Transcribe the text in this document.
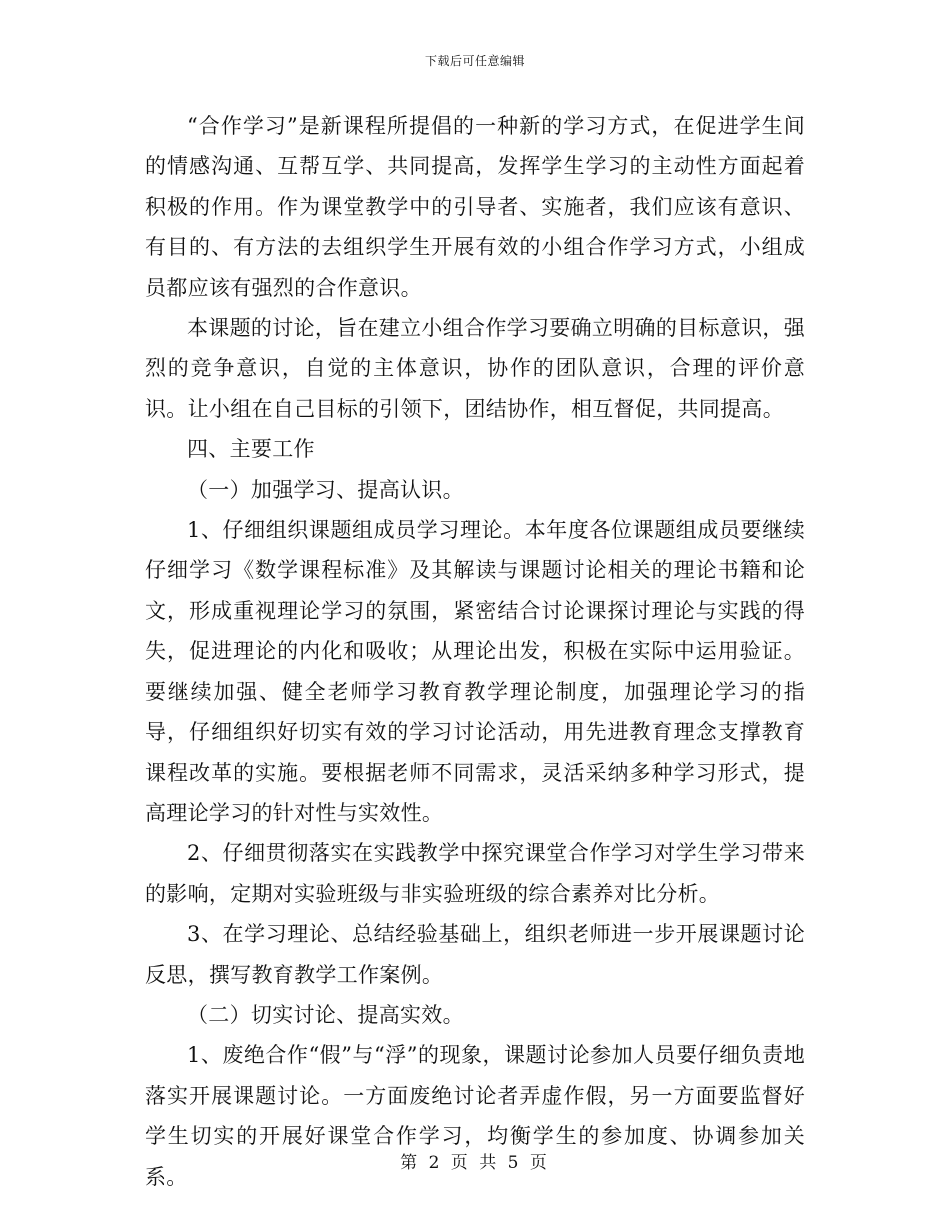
下载后可任意编辑

“合作学习”是新课程所提倡的一种新的学习方式，在促进学生间的情感沟通、互帮互学、共同提高，发挥学生学习的主动性方面起着积极的作用。作为课堂教学中的引导者、实施者，我们应该有意识、有目的、有方法的去组织学生开展有效的小组合作学习方式，小组成员都应该有强烈的合作意识。

本课题的讨论，旨在建立小组合作学习要确立明确的目标意识，强烈的竞争意识，自觉的主体意识，协作的团队意识，合理的评价意识。让小组在自己目标的引领下，团结协作，相互督促，共同提高。

四、主要工作

（一）加强学习、提高认识。

1、仔细组织课题组成员学习理论。本年度各位课题组成员要继续仔细学习《数学课程标准》及其解读与课题讨论相关的理论书籍和论文，形成重视理论学习的氛围，紧密结合讨论课探讨理论与实践的得失，促进理论的内化和吸收；从理论出发，积极在实际中运用验证。要继续加强、健全老师学习教育教学理论制度，加强理论学习的指导，仔细组织好切实有效的学习讨论活动，用先进教育理念支撑教育课程改革的实施。要根据老师不同需求，灵活采纳多种学习形式，提高理论学习的针对性与实效性。

2、仔细贯彻落实在实践教学中探究课堂合作学习对学生学习带来的影响，定期对实验班级与非实验班级的综合素养对比分析。

3、在学习理论、总结经验基础上，组织老师进一步开展课题讨论反思，撰写教育教学工作案例。

（二）切实讨论、提高实效。

1、废绝合作“假”与“浮”的现象，课题讨论参加人员要仔细负责地落实开展课题讨论。一方面废绝讨论者弄虚作假，另一方面要监督好学生切实的开展好课堂合作学习，均衡学生的参加度、协调参加关系。

第 2 页 共 5 页
